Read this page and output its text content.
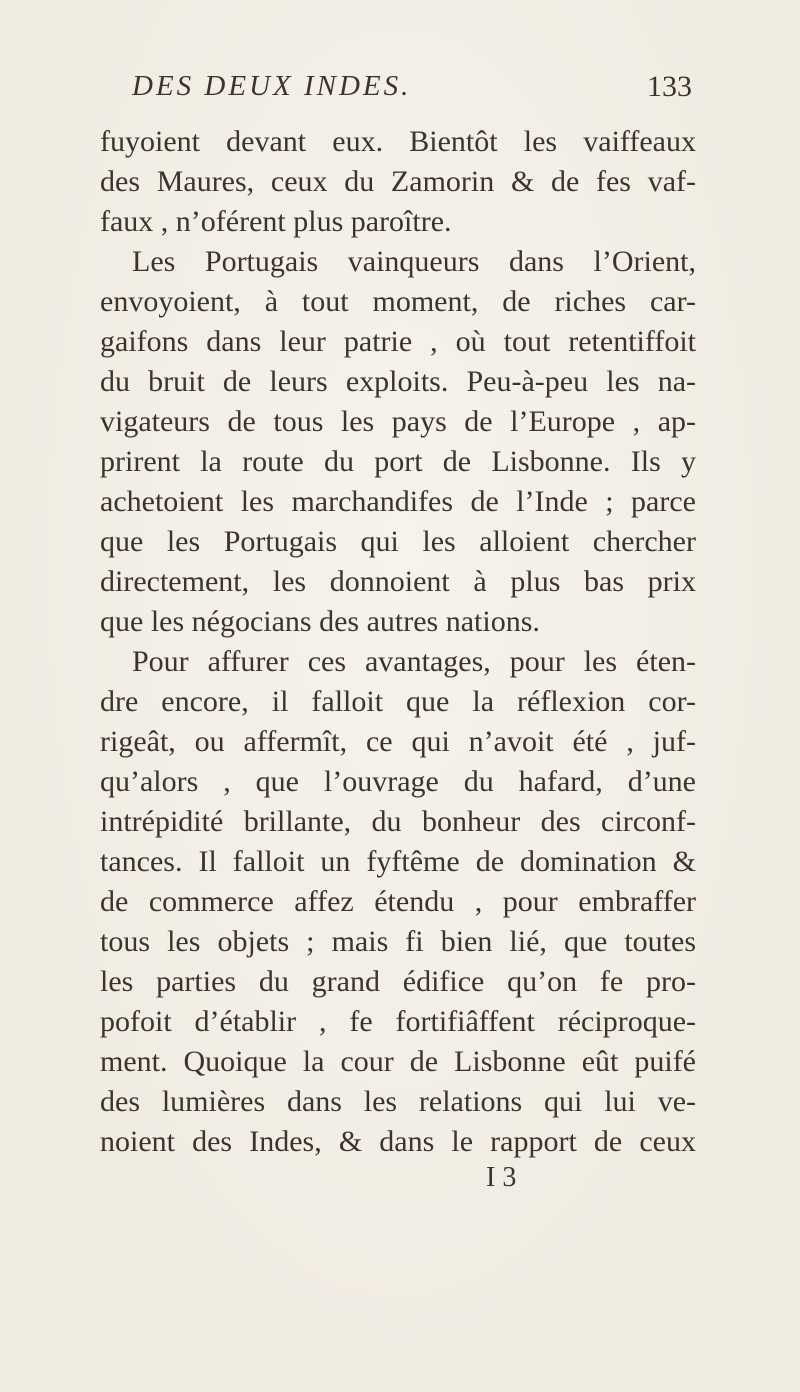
DES DEUX INDES.	133
fuyoient devant eux. Bientôt les vaiffeaux
des Maures, ceux du Zamorin & de fes vaf-
faux , n’oférent plus paroître.
Les Portugais vainqueurs dans l’Orient,
envoyoient, à tout moment, de riches car-
gaifons dans leur patrie , où tout retentiffoit
du bruit de leurs exploits. Peu-à-peu les na-
vigateurs de tous les pays de l’Europe , ap-
prirent la route du port de Lisbonne. Ils y
achetoient les marchandifes de l’Inde ; parce
que les Portugais qui les alloient chercher
directement, les donnoient à plus bas prix
que les négocians des autres nations.
Pour affurer ces avantages, pour les éten-
dre encore, il falloit que la réflexion cor-
rigeât, ou affermît, ce qui n’avoit été , juf-
qu’alors , que l’ouvrage du hafard, d’une
intrépidité brillante, du bonheur des circonf-
tances. Il falloit un fyftême de domination &
de commerce affez étendu , pour embraffer
tous les objets ; mais fi bien lié, que toutes
les parties du grand édifice qu’on fe pro-
pofoit d’établir , fe fortifiâffent réciproque-
ment. Quoique la cour de Lisbonne eût puifé
des lumières dans les relations qui lui ve-
noient des Indes, & dans le rapport de ceux
I 3
